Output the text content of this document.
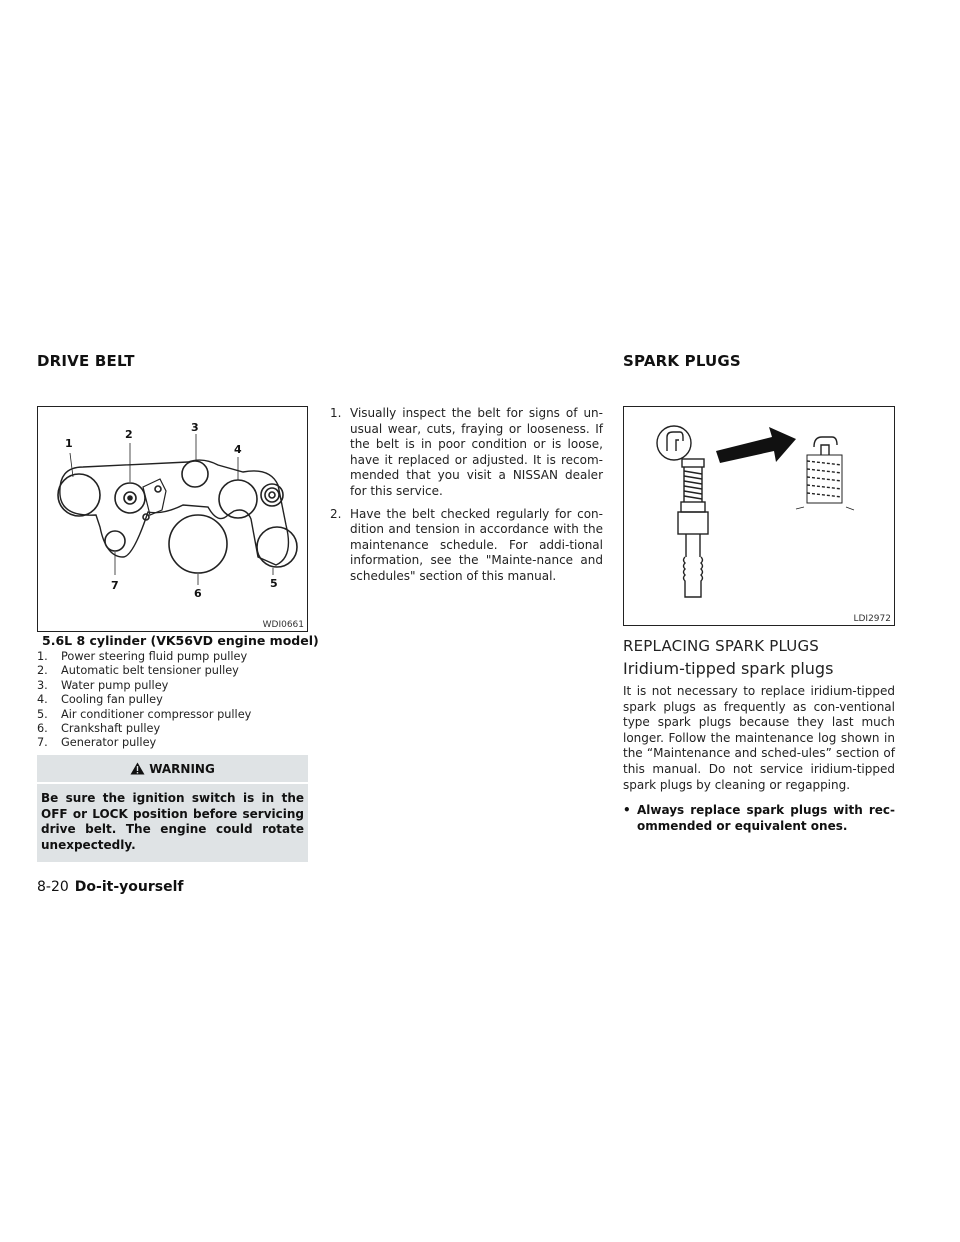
DRIVE BELT	SPARK PLUGS
1
2
3
4
5
6
7
WDI0661
5.6L 8 cylinder (VK56VD engine model)
1. Power steering fluid pump pulley
2. Automatic belt tensioner pulley
3. Water pump pulley
4. Cooling fan pulley
5. Air conditioner compressor pulley
6. Crankshaft pulley
7. Generator pulley
WARNING
Be sure the ignition switch is in the OFF or LOCK position before servicing drive belt. The engine could rotate unexpectedly.
1. Visually inspect the belt for signs of un-usual wear, cuts, fraying or looseness. If the belt is in poor condition or is loose, have it replaced or adjusted. It is recom-mended that you visit a NISSAN dealer for this service.
2. Have the belt checked regularly for con-dition and tension in accordance with the maintenance schedule. For addi-tional information, see the "Mainte-nance and schedules" section of this manual.
LDI2972
REPLACING SPARK PLUGS
Iridium-tipped spark plugs
It is not necessary to replace iridium-tipped spark plugs as frequently as con-ventional type spark plugs because they last much longer. Follow the maintenance log shown in the “Maintenance and sched-ules” section of this manual. Do not service iridium-tipped spark plugs by cleaning or regapping.
• Always replace spark plugs with rec-ommended or equivalent ones.
8-20 Do-it-yourself
